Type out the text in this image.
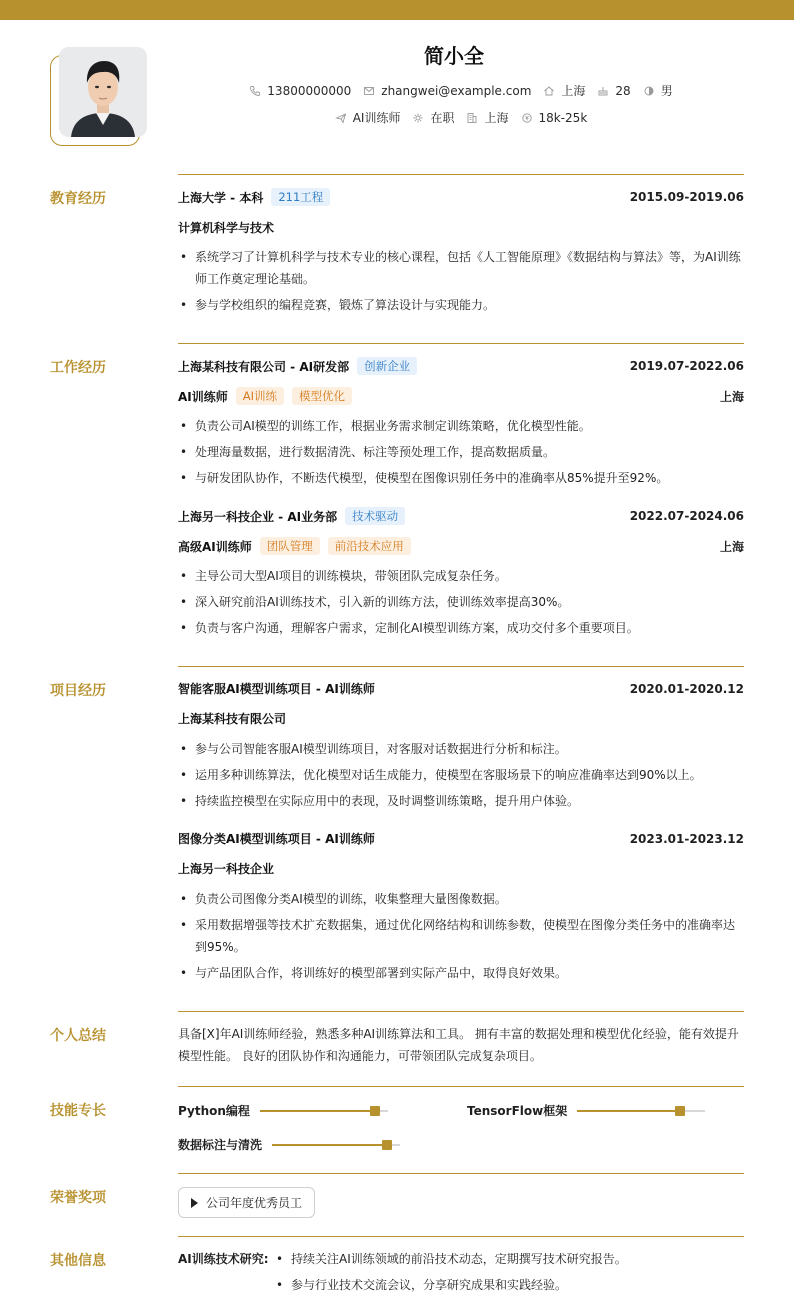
简小全
13800000000	zhangwei@example.com	上海	28	男
AI训练师	在职	上海	18k-25k
教育经历	上海大学 - 本科	211工程	2015.09-2019.06
计算机科学与技术
• 系统学习了计算机科学与技术专业的核心课程，包括《人工智能原理》《数据结构与算法》等，为AI训练师工作奠定理论基础。
• 参与学校组织的编程竞赛，锻炼了算法设计与实现能力。
工作经历	上海某科技有限公司 - AI研发部	创新企业	2019.07-2022.06
AI训练师	AI训练	模型优化	上海
• 负责公司AI模型的训练工作，根据业务需求制定训练策略，优化模型性能。
• 处理海量数据，进行数据清洗、标注等预处理工作，提高数据质量。
• 与研发团队协作，不断迭代模型，使模型在图像识别任务中的准确率从85%提升至92%。
上海另一科技企业 - AI业务部	技术驱动	2022.07-2024.06
高级AI训练师	团队管理	前沿技术应用	上海
• 主导公司大型AI项目的训练模块，带领团队完成复杂任务。
• 深入研究前沿AI训练技术，引入新的训练方法，使训练效率提高30%。
• 负责与客户沟通，理解客户需求，定制化AI模型训练方案，成功交付多个重要项目。
项目经历	智能客服AI模型训练项目 - AI训练师	2020.01-2020.12
上海某科技有限公司
• 参与公司智能客服AI模型训练项目，对客服对话数据进行分析和标注。
• 运用多种训练算法，优化模型对话生成能力，使模型在客服场景下的响应准确率达到90%以上。
• 持续监控模型在实际应用中的表现，及时调整训练策略，提升用户体验。
图像分类AI模型训练项目 - AI训练师	2023.01-2023.12
上海另一科技企业
• 负责公司图像分类AI模型的训练，收集整理大量图像数据。
• 采用数据增强等技术扩充数据集，通过优化网络结构和训练参数，使模型在图像分类任务中的准确率达到95%。
• 与产品团队合作，将训练好的模型部署到实际产品中，取得良好效果。
个人总结	具备[X]年AI训练师经验，熟悉多种AI训练算法和工具。 拥有丰富的数据处理和模型优化经验，能有效提升模型性能。 良好的团队协作和沟通能力，可带领团队完成复杂项目。
技能专长	Python编程	TensorFlow框架
数据标注与清洗
荣誉奖项	公司年度优秀员工
其他信息	AI训练技术研究:
•	持续关注AI训练领域的前沿技术动态，定期撰写技术研究报告。
• 参与行业技术交流会议，分享研究成果和实践经验。
